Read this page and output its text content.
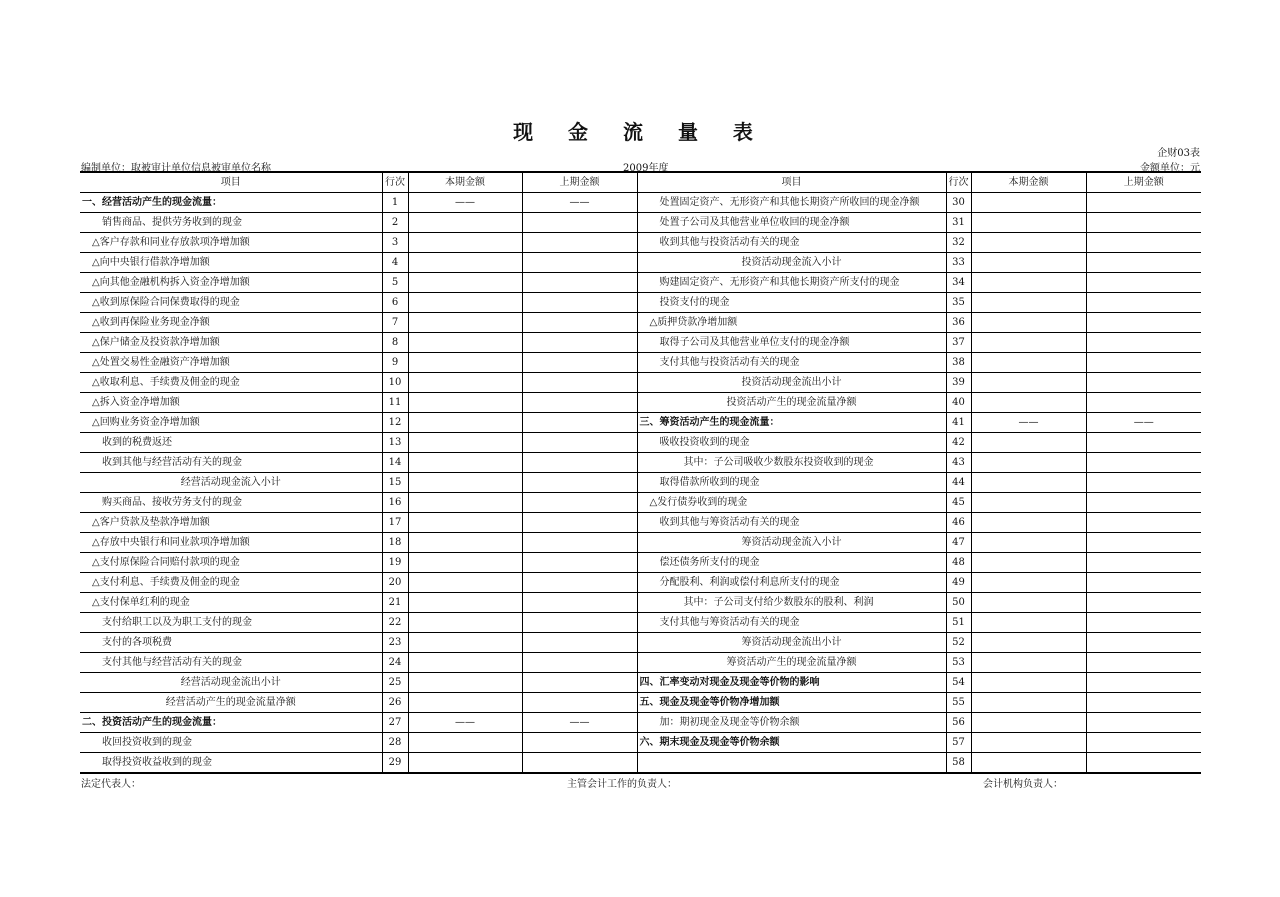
现 金 流 量 表
企财03表
编制单位：取被审计单位信息被审单位名称	2009年度	金额单位：元
项目	行次	本期金额	上期金额	项目	行次	本期金额	上期金额
一、经营活动产生的现金流量：	1	——	——	处置固定资产、无形资产和其他长期资产所收回的现金净额	30		
销售商品、提供劳务收到的现金	2			处置子公司及其他营业单位收回的现金净额	31		
△客户存款和同业存放款项净增加额	3			收到其他与投资活动有关的现金	32		
△向中央银行借款净增加额	4			投资活动现金流入小计	33		
△向其他金融机构拆入资金净增加额	5			购建固定资产、无形资产和其他长期资产所支付的现金	34		
△收到原保险合同保费取得的现金	6			投资支付的现金	35		
△收到再保险业务现金净额	7			△质押贷款净增加额	36		
△保户储金及投资款净增加额	8			取得子公司及其他营业单位支付的现金净额	37		
△处置交易性金融资产净增加额	9			支付其他与投资活动有关的现金	38		
△收取利息、手续费及佣金的现金	10			投资活动现金流出小计	39		
△拆入资金净增加额	11			投资活动产生的现金流量净额	40		
△回购业务资金净增加额	12			三、筹资活动产生的现金流量：	41	——	——
收到的税费返还	13			吸收投资收到的现金	42		
收到其他与经营活动有关的现金	14			其中：子公司吸收少数股东投资收到的现金	43		
经营活动现金流入小计	15			取得借款所收到的现金	44		
购买商品、接收劳务支付的现金	16			△发行债券收到的现金	45		
△客户贷款及垫款净增加额	17			收到其他与筹资活动有关的现金	46		
△存放中央银行和同业款项净增加额	18			筹资活动现金流入小计	47		
△支付原保险合同赔付款项的现金	19			偿还债务所支付的现金	48		
△支付利息、手续费及佣金的现金	20			分配股利、利润或偿付利息所支付的现金	49		
△支付保单红利的现金	21			其中：子公司支付给少数股东的股利、利润	50		
支付给职工以及为职工支付的现金	22			支付其他与筹资活动有关的现金	51		
支付的各项税费	23			筹资活动现金流出小计	52		
支付其他与经营活动有关的现金	24			筹资活动产生的现金流量净额	53		
经营活动现金流出小计	25			四、汇率变动对现金及现金等价物的影响	54		
经营活动产生的现金流量净额	26			五、现金及现金等价物净增加额	55		
二、投资活动产生的现金流量：	27	——	——	加：期初现金及现金等价物余额	56		
收回投资收到的现金	28			六、期末现金及现金等价物余额	57		
取得投资收益收到的现金	29				58		
法定代表人：	主管会计工作的负责人：	会计机构负责人：
